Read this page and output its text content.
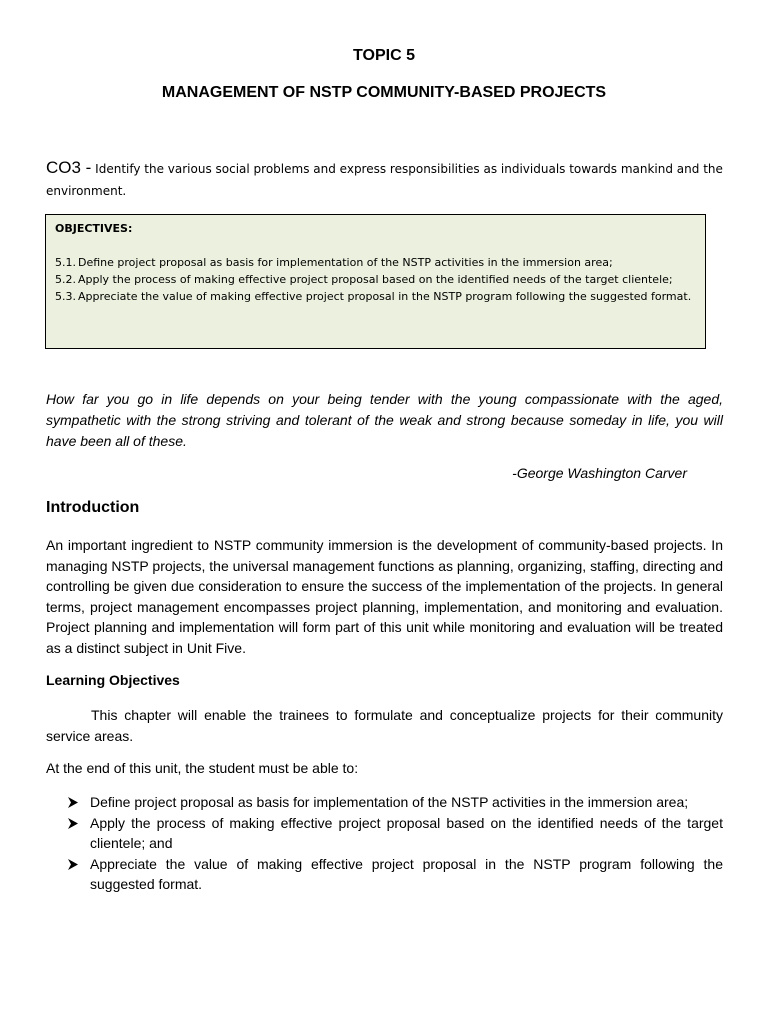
TOPIC 5
MANAGEMENT OF NSTP COMMUNITY-BASED PROJECTS
CO3 - Identify the various social problems and express responsibilities as individuals towards mankind and the environment.
OBJECTIVES:
5.1. Define project proposal as basis for implementation of the NSTP activities in the immersion area;
5.2. Apply the process of making effective project proposal based on the identified needs of the target clientele;
5.3. Appreciate the value of making effective project proposal in the NSTP program following the suggested format.
How far you go in life depends on your being tender with the young compassionate with the aged, sympathetic with the strong striving and tolerant of the weak and strong because someday in life, you will have been all of these.
-George Washington Carver
Introduction
An important ingredient to NSTP community immersion is the development of community-based projects. In managing NSTP projects, the universal management functions as planning, organizing, staffing, directing and controlling be given due consideration to ensure the success of the implementation of the projects. In general terms, project management encompasses project planning, implementation, and monitoring and evaluation. Project planning and implementation will form part of this unit while monitoring and evaluation will be treated as a distinct subject in Unit Five.
Learning Objectives
This chapter will enable the trainees to formulate and conceptualize projects for their community service areas.
At the end of this unit, the student must be able to:
Define project proposal as basis for implementation of the NSTP activities in the immersion area;
Apply the process of making effective project proposal based on the identified needs of the target clientele; and
Appreciate the value of making effective project proposal in the NSTP program following the suggested format.
